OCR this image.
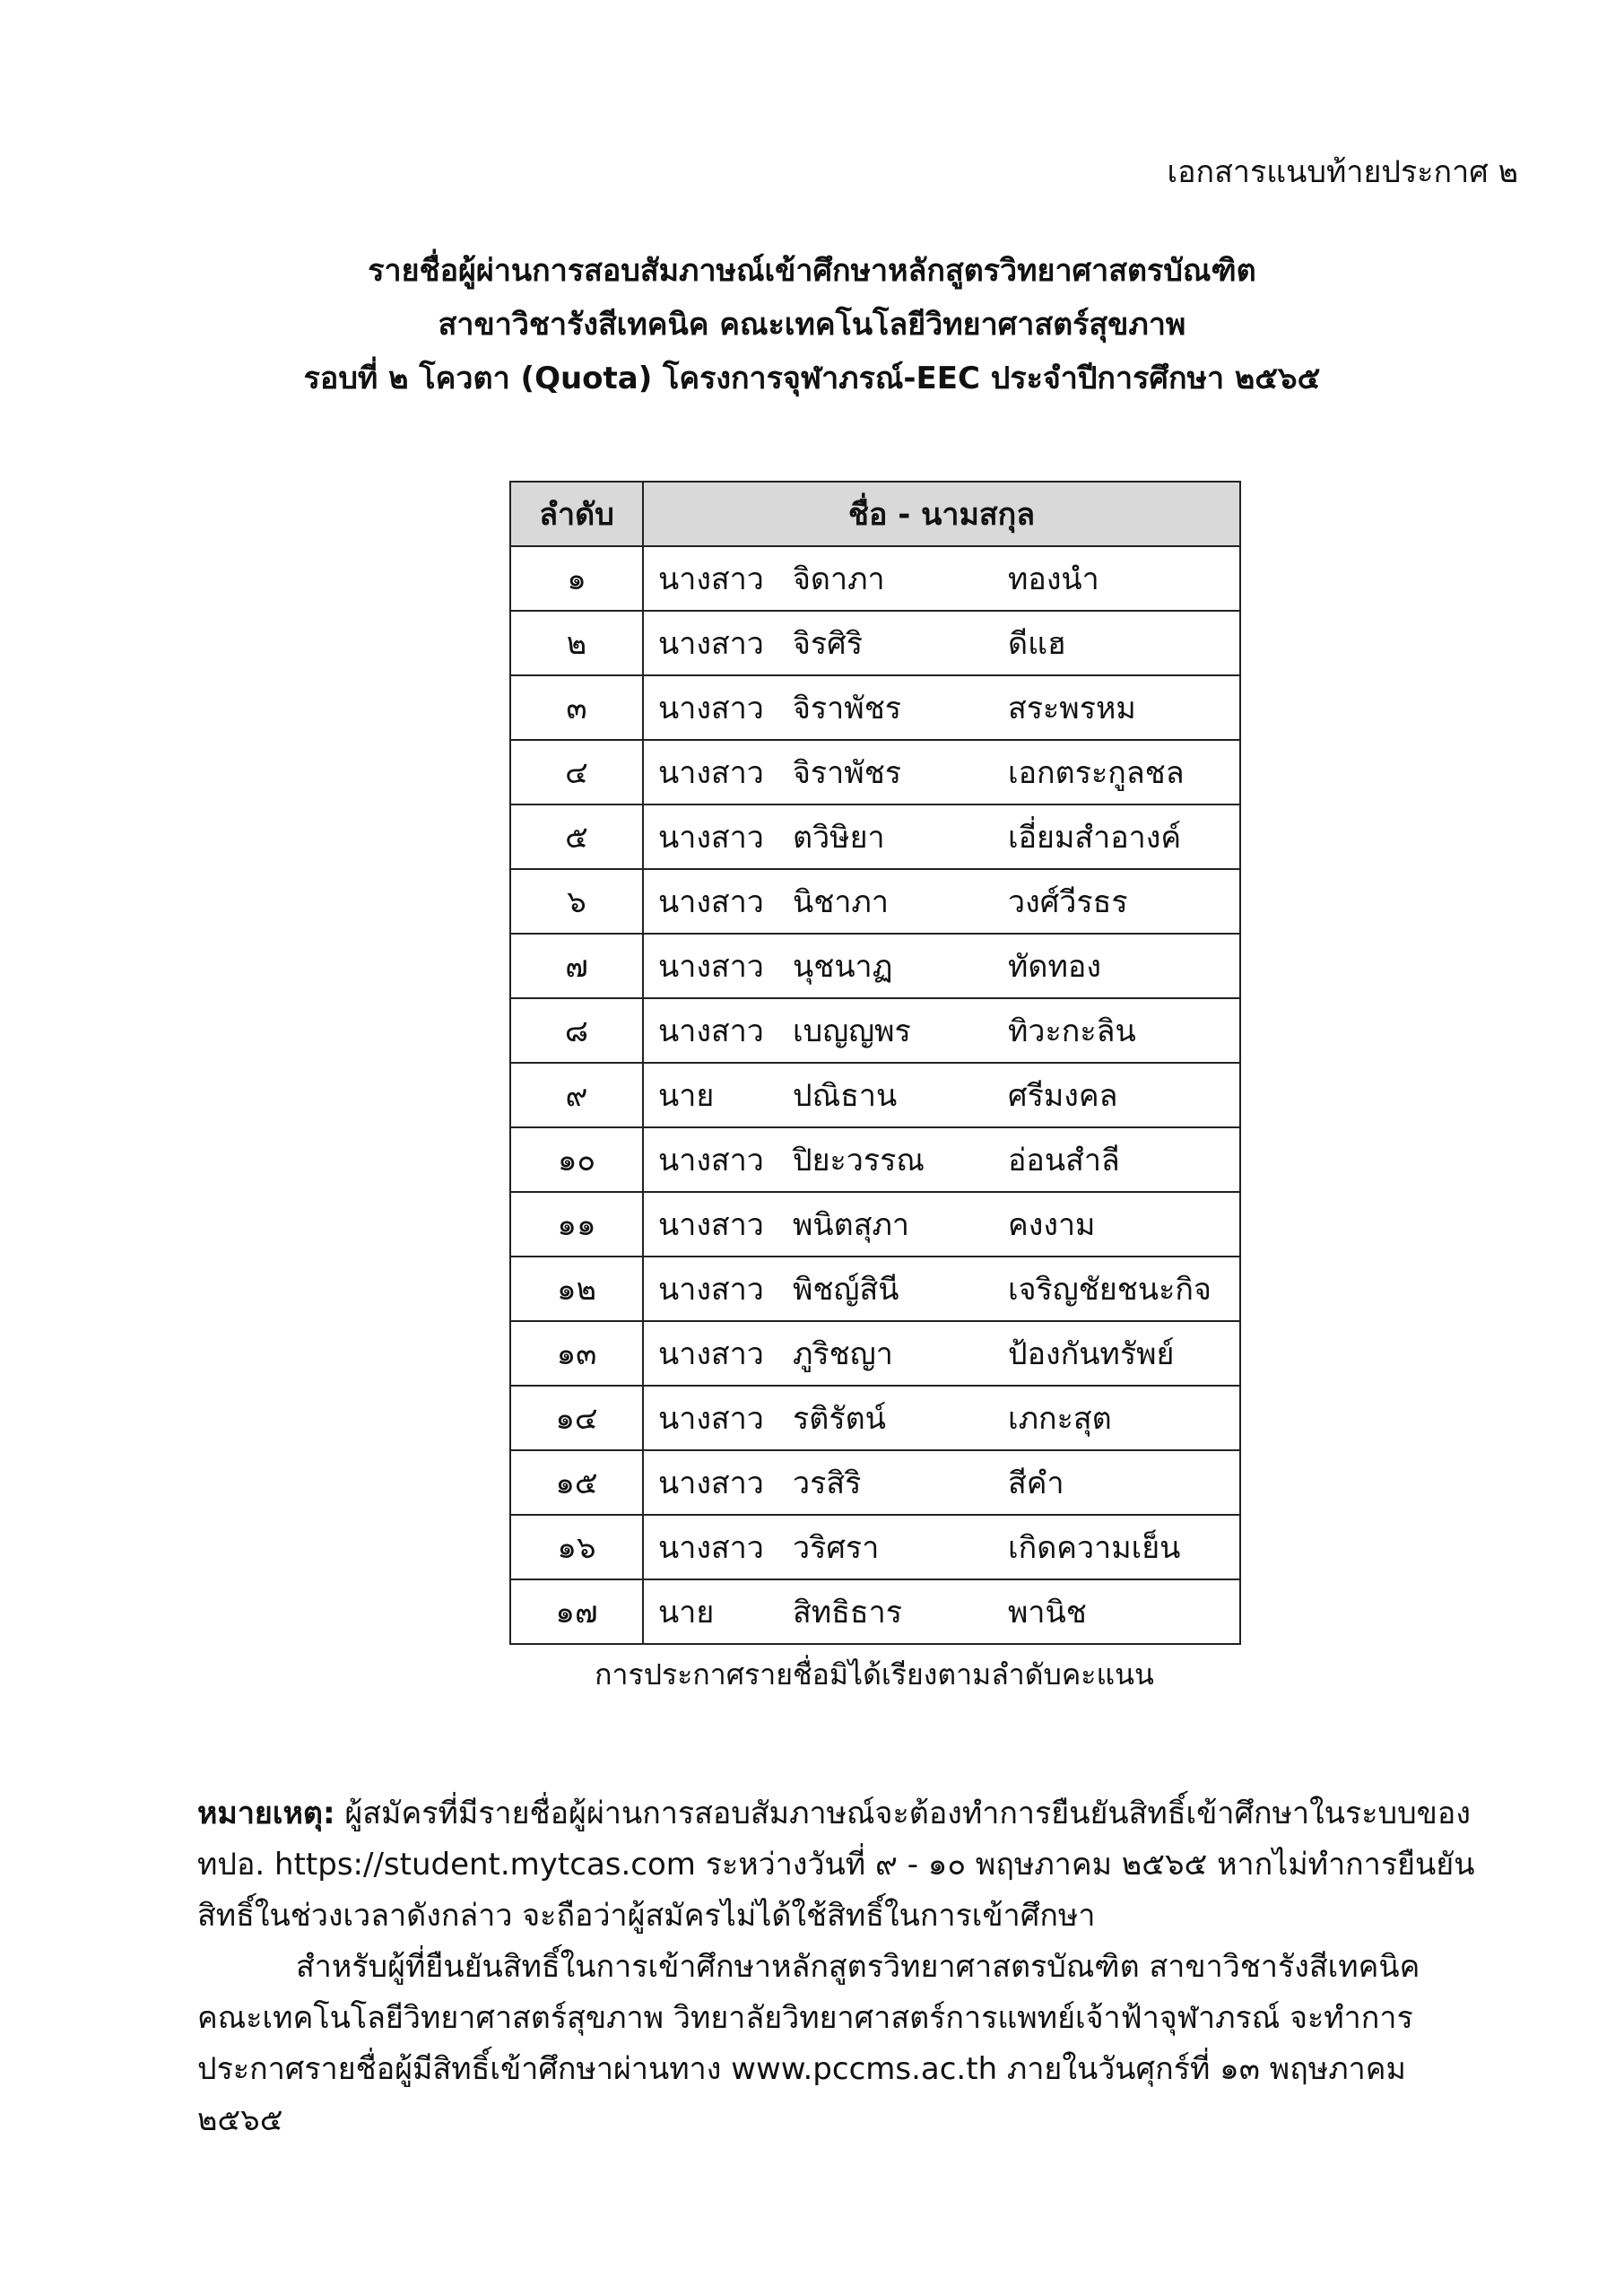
เอกสารแนบท้ายประกาศ ๒
รายชื่อผู้ผ่านการสอบสัมภาษณ์เข้าศึกษาหลักสูตรวิทยาศาสตรบัณฑิต
สาขาวิชารังสีเทคนิค คณะเทคโนโลยีวิทยาศาสตร์สุขภาพ
รอบที่ ๒ โควตา (Quota) โครงการจุฬาภรณ์-EEC ประจำปีการศึกษา ๒๕๖๕
ลำดับ	ชื่อ - นามสกุล
๑	นางสาว จิดาภา ทองนำ
๒	นางสาว จิรศิริ ดีแฮ
๓	นางสาว จิราพัชร สระพรหม
๔	นางสาว จิราพัชร เอกตระกูลชล
๕	นางสาว ตวิษิยา เอี่ยมสำอางค์
๖	นางสาว นิชาภา วงศ์วีรธร
๗	นางสาว นุชนาฏ ทัดทอง
๘	นางสาว เบญญพร ทิวะกะลิน
๙	นาย ปณิธาน ศรีมงคล
๑๐	นางสาว ปิยะวรรณ อ่อนสำลี
๑๑	นางสาว พนิตสุภา คงงาม
๑๒	นางสาว พิชญ์สินี เจริญชัยชนะกิจ
๑๓	นางสาว ภูริชญา ป้องกันทรัพย์
๑๔	นางสาว รติรัตน์ เภกะสุต
๑๕	นางสาว วรสิริ สีคำ
๑๖	นางสาว วริศรา เกิดความเย็น
๑๗	นาย สิทธิธาร พานิช
การประกาศรายชื่อมิได้เรียงตามลำดับคะแนน

หมายเหตุ: ผู้สมัครที่มีรายชื่อผู้ผ่านการสอบสัมภาษณ์จะต้องทำการยืนยันสิทธิ์เข้าศึกษาในระบบของ ทปอ. https://student.mytcas.com ระหว่างวันที่ ๙ - ๑๐ พฤษภาคม ๒๕๖๕ หากไม่ทำการยืนยันสิทธิ์ในช่วงเวลาดังกล่าว จะถือว่าผู้สมัครไม่ได้ใช้สิทธิ์ในการเข้าศึกษา

สำหรับผู้ที่ยืนยันสิทธิ์ในการเข้าศึกษาหลักสูตรวิทยาศาสตรบัณฑิต สาขาวิชารังสีเทคนิค คณะเทคโนโลยีวิทยาศาสตร์สุขภาพ วิทยาลัยวิทยาศาสตร์การแพทย์เจ้าฟ้าจุฬาภรณ์ จะทำการประกาศรายชื่อผู้มีสิทธิ์เข้าศึกษาผ่านทาง www.pccms.ac.th ภายในวันศุกร์ที่ ๑๓ พฤษภาคม ๒๕๖๕
